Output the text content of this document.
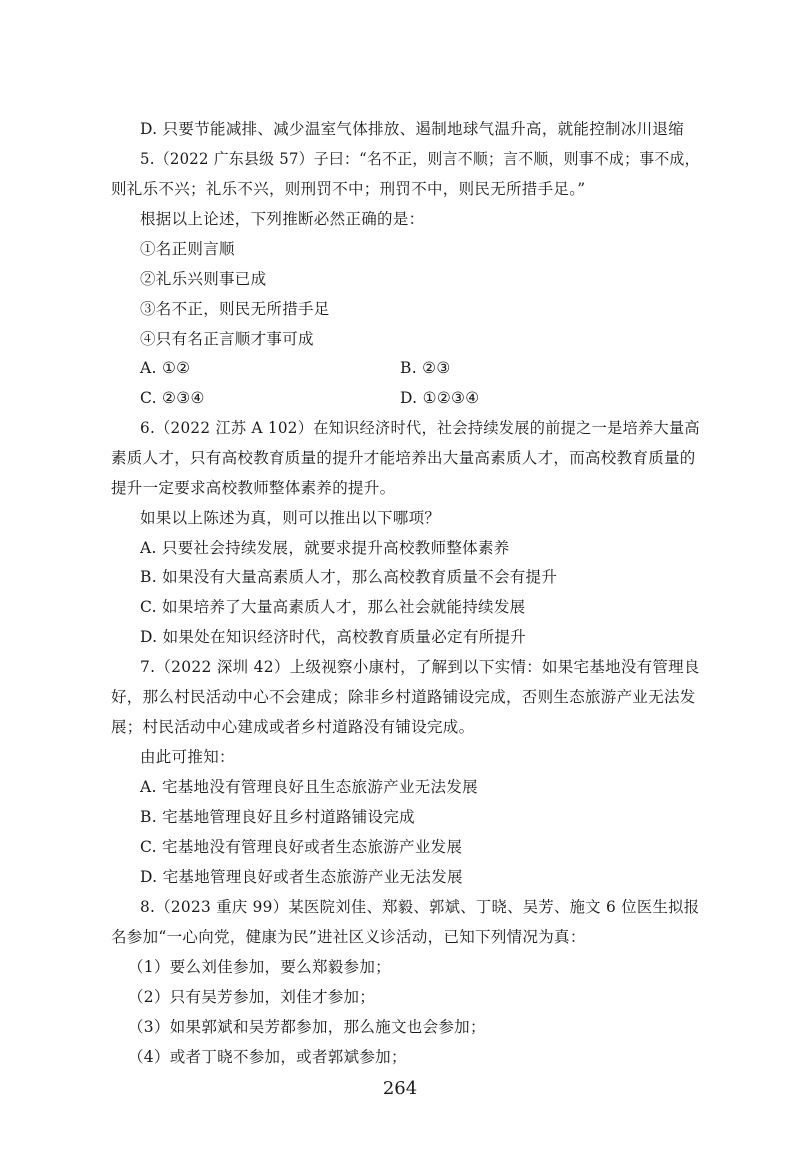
D. 只要节能减排、减少温室气体排放、遏制地球气温升高，就能控制冰川退缩
5.（2022 广东县级 57）子曰：“名不正，则言不顺；言不顺，则事不成；事不成，
则礼乐不兴；礼乐不兴，则刑罚不中；刑罚不中，则民无所措手足。”
根据以上论述，下列推断必然正确的是：
①名正则言顺
②礼乐兴则事已成
③名不正，则民无所措手足
④只有名正言顺才事可成
A. ①②	B. ②③
C. ②③④	D. ①②③④
6.（2022 江苏 A 102）在知识经济时代，社会持续发展的前提之一是培养大量高
素质人才，只有高校教育质量的提升才能培养出大量高素质人才，而高校教育质量的
提升一定要求高校教师整体素养的提升。
如果以上陈述为真，则可以推出以下哪项？
A. 只要社会持续发展，就要求提升高校教师整体素养
B. 如果没有大量高素质人才，那么高校教育质量不会有提升
C. 如果培养了大量高素质人才，那么社会就能持续发展
D. 如果处在知识经济时代，高校教育质量必定有所提升
7.（2022 深圳 42）上级视察小康村，了解到以下实情：如果宅基地没有管理良
好，那么村民活动中心不会建成；除非乡村道路铺设完成，否则生态旅游产业无法发
展；村民活动中心建成或者乡村道路没有铺设完成。
由此可推知：
A. 宅基地没有管理良好且生态旅游产业无法发展
B. 宅基地管理良好且乡村道路铺设完成
C. 宅基地没有管理良好或者生态旅游产业发展
D. 宅基地管理良好或者生态旅游产业无法发展
8.（2023 重庆 99）某医院刘佳、郑毅、郭斌、丁晓、吴芳、施文 6 位医生拟报
名参加“一心向党，健康为民”进社区义诊活动，已知下列情况为真：
（1）要么刘佳参加，要么郑毅参加；
（2）只有吴芳参加，刘佳才参加；
（3）如果郭斌和吴芳都参加，那么施文也会参加；
（4）或者丁晓不参加，或者郭斌参加；
264
